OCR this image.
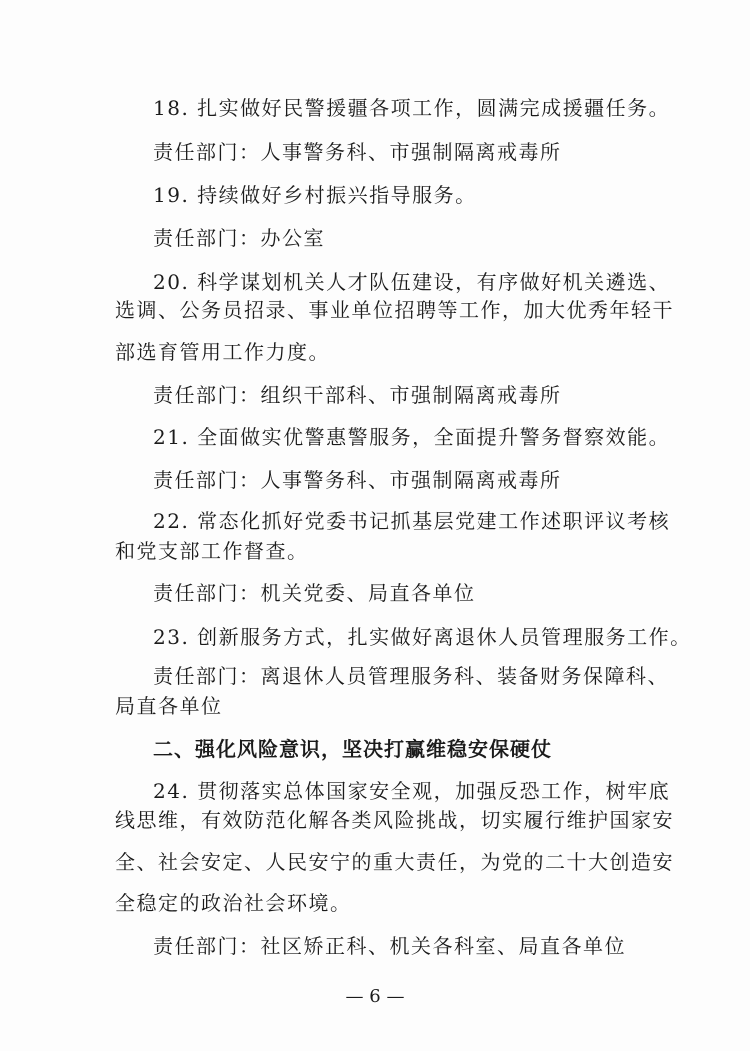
18. 扎实做好民警援疆各项工作，圆满完成援疆任务。
责任部门：人事警务科、市强制隔离戒毒所
19. 持续做好乡村振兴指导服务。
责任部门：办公室
20. 科学谋划机关人才队伍建设，有序做好机关遴选、
选调、公务员招录、事业单位招聘等工作，加大优秀年轻干
部选育管用工作力度。
责任部门：组织干部科、市强制隔离戒毒所
21. 全面做实优警惠警服务，全面提升警务督察效能。
责任部门：人事警务科、市强制隔离戒毒所
22. 常态化抓好党委书记抓基层党建工作述职评议考核
和党支部工作督查。
责任部门：机关党委、局直各单位
23. 创新服务方式，扎实做好离退休人员管理服务工作。
责任部门：离退休人员管理服务科、装备财务保障科、
局直各单位
二、强化风险意识，坚决打赢维稳安保硬仗
24. 贯彻落实总体国家安全观，加强反恐工作，树牢底
线思维，有效防范化解各类风险挑战，切实履行维护国家安
全、社会安定、人民安宁的重大责任，为党的二十大创造安
全稳定的政治社会环境。
责任部门：社区矫正科、机关各科室、局直各单位
— 6 —
